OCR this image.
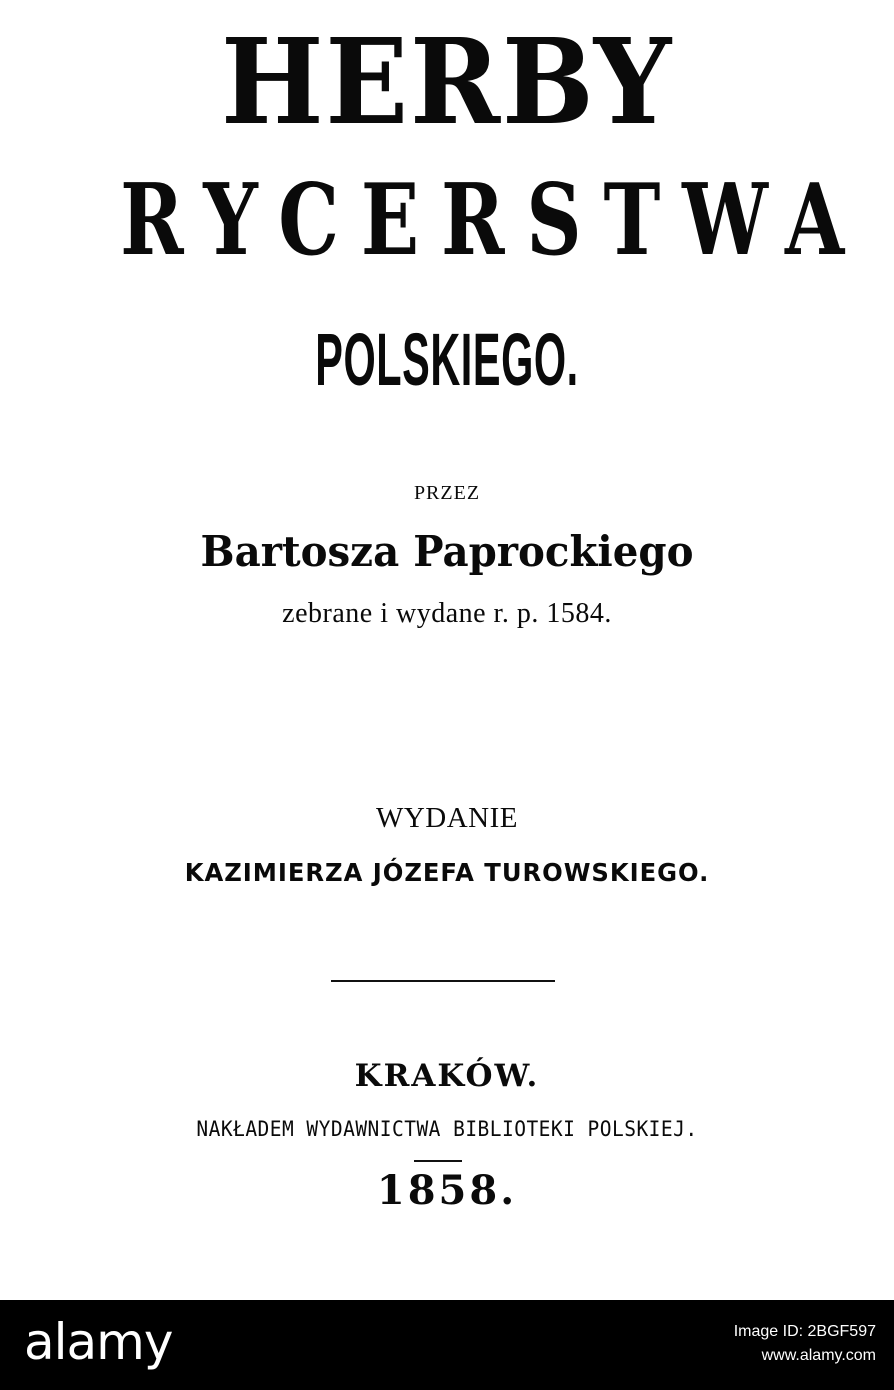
HERBY
RYCERSTWA
POLSKIEGO.
PRZEZ
Bartosza Paprockiego
zebrane i wydane r. p. 1584.
WYDANIE
KAZIMIERZA JÓZEFA TUROWSKIEGO.
KRAKÓW.
NAKŁADEM WYDAWNICTWA BIBLIOTEKI POLSKIEJ.
1858.
alamy	Image ID: 2BGF597
www.alamy.com
